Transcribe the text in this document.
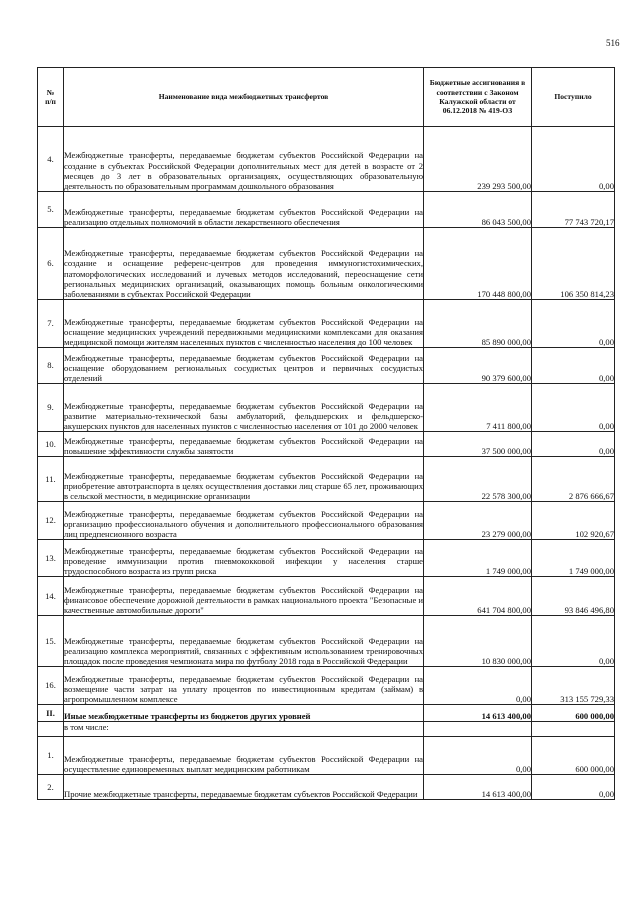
516
№
п/п	Наименование вида межбюджетных трансфертов	Бюджетные ассигнования в соответствии с Законом Калужской области от 06.12.2018 № 419-ОЗ	Поступило
4.	Межбюджетные трансферты, передаваемые бюджетам субъектов Российской Федерации на создание в субъектах Российской Федерации дополнительных мест для детей в возрасте от 2 месяцев до 3 лет в образовательных организациях, осуществляющих образовательную деятельность по образовательным программам дошкольного образования	239 293 500,00	0,00
5.	Межбюджетные трансферты, передаваемые бюджетам субъектов Российской Федерации на реализацию отдельных полномочий в области лекарственного обеспечения	86 043 500,00	77 743 720,17
6.	Межбюджетные трансферты, передаваемые бюджетам субъектов Российской Федерации на создание и оснащение референс-центров для проведения иммуногистохимических, патоморфологических исследований и лучевых методов исследований, переоснащение сети региональных медицинских организаций, оказывающих помощь больным онкологическими заболеваниями в субъектах Российской Федерации	170 448 800,00	106 350 814,23
7.	Межбюджетные трансферты, передаваемые бюджетам субъектов Российской Федерации на оснащение медицинских учреждений передвижными медицинскими комплексами для оказания медицинской помощи жителям населенных пунктов с численностью населения до 100 человек	85 890 000,00	0,00
8.	Межбюджетные трансферты, передаваемые бюджетам субъектов Российской Федерации на оснащение оборудованием региональных сосудистых центров и первичных сосудистых отделений	90 379 600,00	0,00
9.	Межбюджетные трансферты, передаваемые бюджетам субъектов Российской Федерации на развитие материально-технической базы амбулаторий, фельдшерских и фельдшерско-акушерских пунктов для населенных пунктов с численностью населения от 101 до 2000 человек	7 411 800,00	0,00
10.	Межбюджетные трансферты, передаваемые бюджетам субъектов Российской Федерации на повышение эффективности службы занятости	37 500 000,00	0,00
11.	Межбюджетные трансферты, передаваемые бюджетам субъектов Российской Федерации на приобретение автотранспорта в целях осуществления доставки лиц старше 65 лет, проживающих в сельской местности, в медицинские организации	22 578 300,00	2 876 666,67
12.	Межбюджетные трансферты, передаваемые бюджетам субъектов Российской Федерации на организацию профессионального обучения и дополнительного профессионального образования лиц предпенсионного возраста	23 279 000,00	102 920,67
13.	Межбюджетные трансферты, передаваемые бюджетам субъектов Российской Федерации на проведение иммунизации против пневмококковой инфекции у населения старше трудоспособного возраста из групп риска	1 749 000,00	1 749 000,00
14.	Межбюджетные трансферты, передаваемые бюджетам субъектов Российской Федерации на финансовое обеспечение дорожной деятельности в рамках национального проекта "Безопасные и качественные автомобильные дороги"	641 704 800,00	93 846 496,80
15.	Межбюджетные трансферты, передаваемые бюджетам субъектов Российской Федерации на реализацию комплекса мероприятий, связанных с эффективным использованием тренировочных площадок после проведения чемпионата мира по футболу 2018 года в Российской Федерации	10 830 000,00	0,00
16.	Межбюджетные трансферты, передаваемые бюджетам субъектов Российской Федерации на возмещение части затрат на уплату процентов по инвестиционным кредитам (займам) в агропромышленном комплексе	0,00	313 155 729,33
II.	Иные межбюджетные трансферты из бюджетов других уровней	14 613 400,00	600 000,00
	в том числе:		
1.	Межбюджетные трансферты, передаваемые бюджетам субъектов Российской Федерации на осуществление единовременных выплат медицинским работникам	0,00	600 000,00
2.	Прочие межбюджетные трансферты, передаваемые бюджетам субъектов Российской Федерации	14 613 400,00	0,00
